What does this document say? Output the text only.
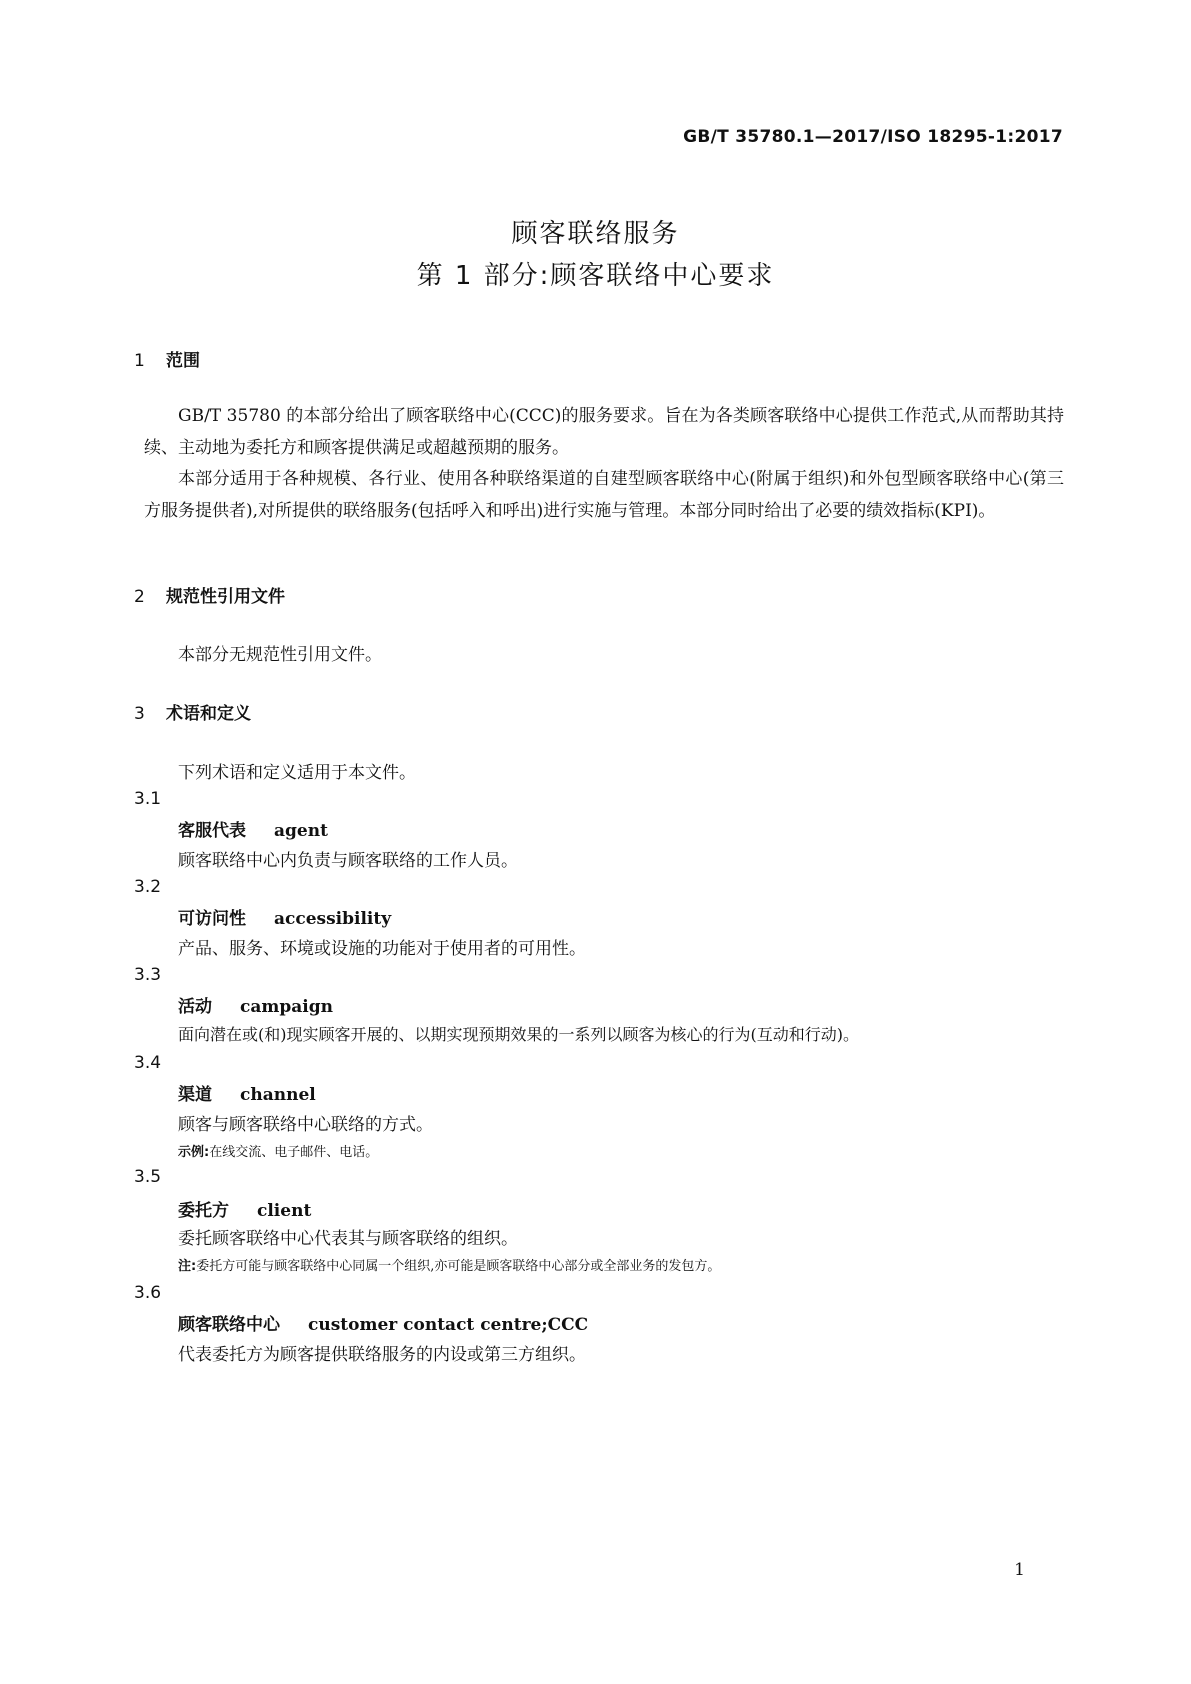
GB/T 35780.1—2017/ISO 18295-1:2017
顾客联络服务
第 1 部分:顾客联络中心要求
1 范围

GB/T 35780 的本部分给出了顾客联络中心(CCC)的服务要求。旨在为各类顾客联络中心提供工作范式,从而帮助其持续、主动地为委托方和顾客提供满足或超越预期的服务。

本部分适用于各种规模、各行业、使用各种联络渠道的自建型顾客联络中心(附属于组织)和外包型顾客联络中心(第三方服务提供者),对所提供的联络服务(包括呼入和呼出)进行实施与管理。本部分同时给出了必要的绩效指标(KPI)。

2 规范性引用文件
本部分无规范性引用文件。
3 术语和定义
下列术语和定义适用于本文件。
3.1
客服代表 agent
顾客联络中心内负责与顾客联络的工作人员。
3.2
可访问性 accessibility
产品、服务、环境或设施的功能对于使用者的可用性。
3.3
活动 campaign
面向潜在或(和)现实顾客开展的、以期实现预期效果的一系列以顾客为核心的行为(互动和行动)。
3.4
渠道 channel
顾客与顾客联络中心联络的方式。
示例:在线交流、电子邮件、电话。
3.5
委托方 client
委托顾客联络中心代表其与顾客联络的组织。
注:委托方可能与顾客联络中心同属一个组织,亦可能是顾客联络中心部分或全部业务的发包方。
3.6
顾客联络中心 customer contact centre;CCC
代表委托方为顾客提供联络服务的内设或第三方组织。
1
